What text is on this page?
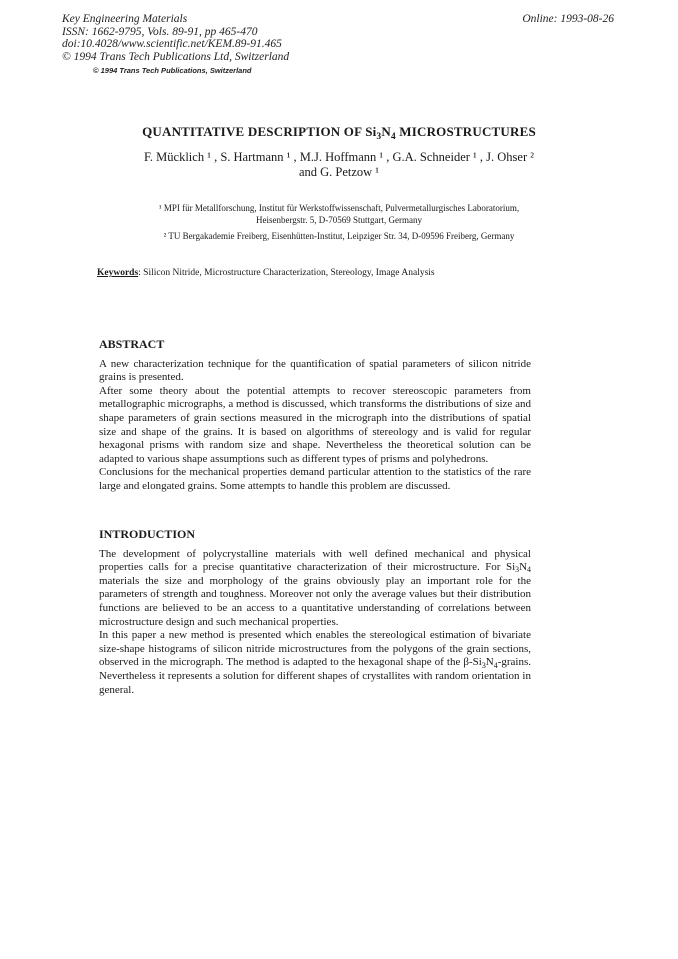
Key Engineering Materials
ISSN: 1662-9795, Vols. 89-91, pp 465-470
doi:10.4028/www.scientific.net/KEM.89-91.465
© 1994 Trans Tech Publications Ltd, Switzerland
Online: 1993-08-26
© 1994 Trans Tech Publications, Switzerland
QUANTITATIVE DESCRIPTION OF $Si_3N_4$ MICROSTRUCTURES
F. Mücklich ¹ , S. Hartmann ¹ , M.J. Hoffmann ¹ , G.A. Schneider ¹ , J. Ohser ²
and G. Petzow ¹
¹ MPI für Metallforschung, Institut für Werkstoffwissenschaft, Pulvermetallurgisches Laboratorium,
Heisenbergstr. 5, D-70569 Stuttgart, Germany
² TU Bergakademie Freiberg, Eisenhütten-Institut, Leipziger Str. 34, D-09596 Freiberg, Germany
Keywords: Silicon Nitride, Microstructure Characterization, Stereology, Image Analysis
ABSTRACT

A new characterization technique for the quantification of spatial parameters of silicon nitride grains is presented.

After some theory about the potential attempts to recover stereoscopic parameters from metallographic micrographs, a method is discussed, which transforms the distributions of size and shape parameters of grain sections measured in the micrograph into the distributions of spatial size and shape of the grains. It is based on algorithms of stereology and is valid for regular hexagonal prisms with random size and shape. Nevertheless the theoretical solution can be adapted to various shape assumptions such as different types of prisms and polyhedrons.

Conclusions for the mechanical properties demand particular attention to the statistics of the rare large and elongated grains. Some attempts to handle this problem are discussed.

INTRODUCTION

The development of polycrystalline materials with well defined mechanical and physical properties calls for a precise quantitative characterization of their microstructure. For $Si_3N_4$ materials the size and morphology of the grains obviously play an important role for the parameters of strength and toughness. Moreover not only the average values but their distribution functions are believed to be an access to a quantitative understanding of correlations between microstructure design and such mechanical properties.

In this paper a new method is presented which enables the stereological estimation of bivariate size-shape histograms of silicon nitride microstructures from the polygons of the grain sections, observed in the micrograph. The method is adapted to the hexagonal shape of the $\beta-Si_3N_4$-grains. Nevertheless it represents a solution for different shapes of crystallites with random orientation in general.
